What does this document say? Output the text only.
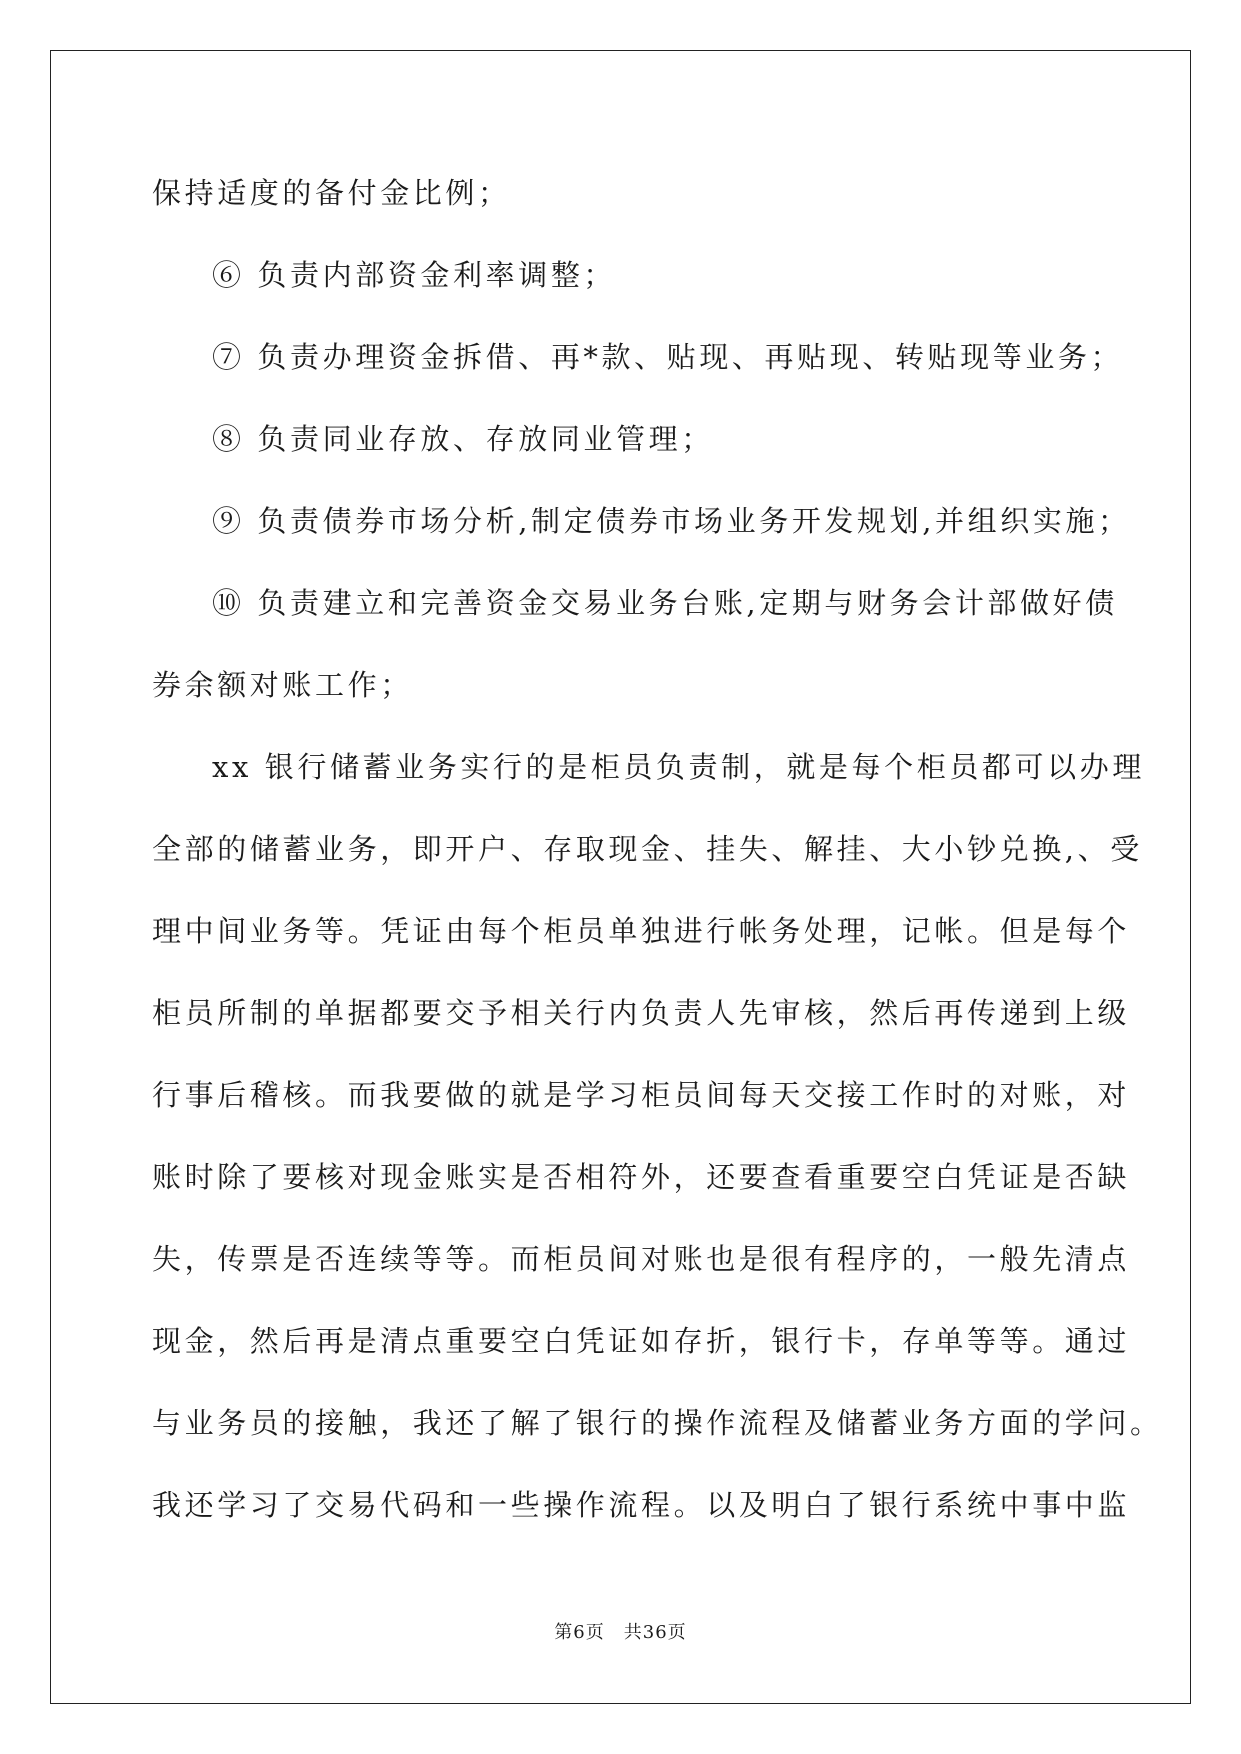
保持适度的备付金比例；

⑥ 负责内部资金利率调整；

⑦ 负责办理资金拆借、再*款、贴现、再贴现、转贴现等业务；

⑧ 负责同业存放、存放同业管理；

⑨ 负责债券市场分析,制定债券市场业务开发规划,并组织实施；

⑩ 负责建立和完善资金交易业务台账,定期与财务会计部做好债

券余额对账工作；

xx 银行储蓄业务实行的是柜员负责制，就是每个柜员都可以办理

全部的储蓄业务，即开户、存取现金、挂失、解挂、大小钞兑换,、受

理中间业务等。凭证由每个柜员单独进行帐务处理，记帐。但是每个

柜员所制的单据都要交予相关行内负责人先审核，然后再传递到上级

行事后稽核。而我要做的就是学习柜员间每天交接工作时的对账，对

账时除了要核对现金账实是否相符外，还要查看重要空白凭证是否缺

失，传票是否连续等等。而柜员间对账也是很有程序的，一般先清点

现金，然后再是清点重要空白凭证如存折，银行卡，存单等等。通过

与业务员的接触，我还了解了银行的操作流程及储蓄业务方面的学问。

我还学习了交易代码和一些操作流程。以及明白了银行系统中事中监

第6页　共36页
